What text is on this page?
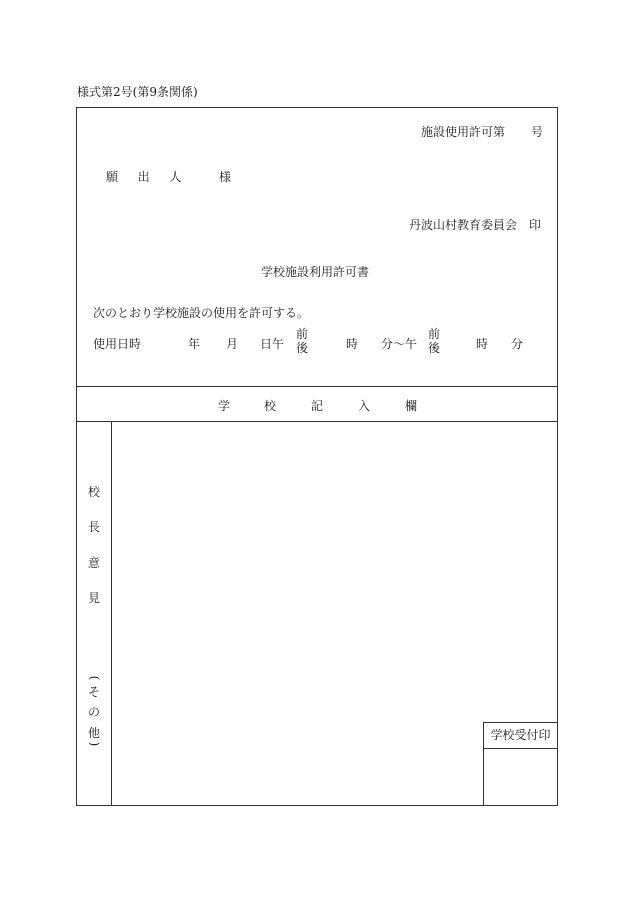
様式第2号(第9条関係)
施設使用許可第 号
願 出 人	様
丹波山村教育委員会 印
学校施設利用許可書
次のとおり学校施設の使用を許可する。
使用日時	年 月 日午
前
後	時 分〜午
前
後	時 分
学	校	記	入	欄
校
長
意
見
(
そ
の
他
)
学校受付印
